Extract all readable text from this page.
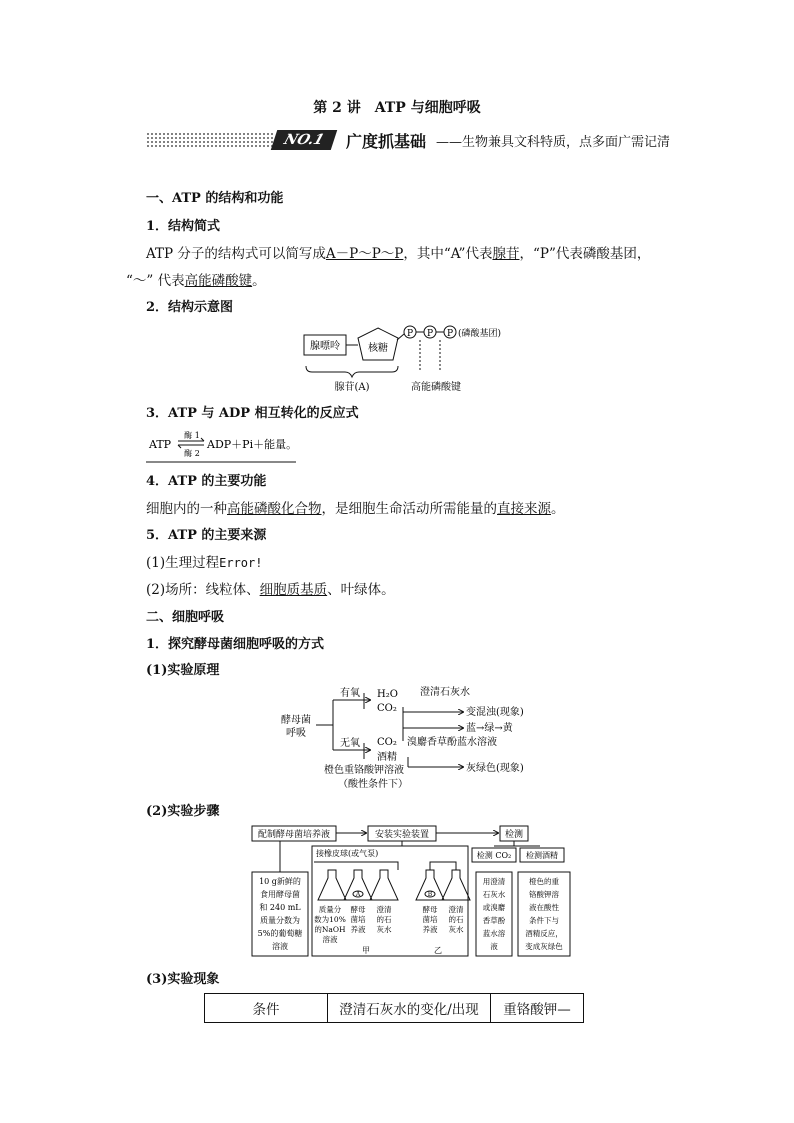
第 2 讲　ATP 与细胞呼吸
NO.1	广度抓基础 ——生物兼具文科特质，点多面广需记清
一、ATP 的结构和功能
1．结构简式
ATP 分子的结构式可以简写成A－P～P～P，其中“A”代表腺苷，“P”代表磷酸基团，
“～” 代表高能磷酸键。
2．结构示意图
腺嘌呤	核糖
P P P (磷酸基团)
腺苷(A)	高能磷酸键
3．ATP 与 ADP 相互转化的反应式
ATP
酶 1
酶 2
ADP＋Pi＋能量。
4．ATP 的主要功能
细胞内的一种高能磷酸化合物，是细胞生命活动所需能量的直接来源。
5．ATP 的主要来源
(1)生理过程Error!
(2)场所：线粒体、细胞质基质、叶绿体。
二、细胞呼吸
1．探究酵母菌细胞呼吸的方式
(1)实验原理
酵母菌
呼吸
有氧
无氧
H₂O
CO₂
澄清石灰水
CO₂
酒精
变混浊(现象)
蓝→绿→黄
溴麝香草酚蓝水溶液
橙色重铬酸钾溶液
（酸性条件下）
灰绿色(现象)
(2)实验步骤
配制酵母菌培养液	安装实验装置	检测
10 g新鲜的
食用酵母菌
和 240 mL
质量分数为
5%的葡萄糖
溶液
接橡皮球(或气泵)
A	B
质量分
数为10%
的NaOH
溶液
酵母
菌培
养液
澄清
的石
灰水
酵母
菌培
养液
澄清
的石
灰水
甲	乙
检测 CO₂ 检测酒精
用澄清
石灰水
或溴麝
香草酚
蓝水溶
液
橙色的重
铬酸钾溶
液在酸性
条件下与
酒精反应，
变成灰绿色
(3)实验现象
条件	澄清石灰水的变化/出现	重铬酸钾—
